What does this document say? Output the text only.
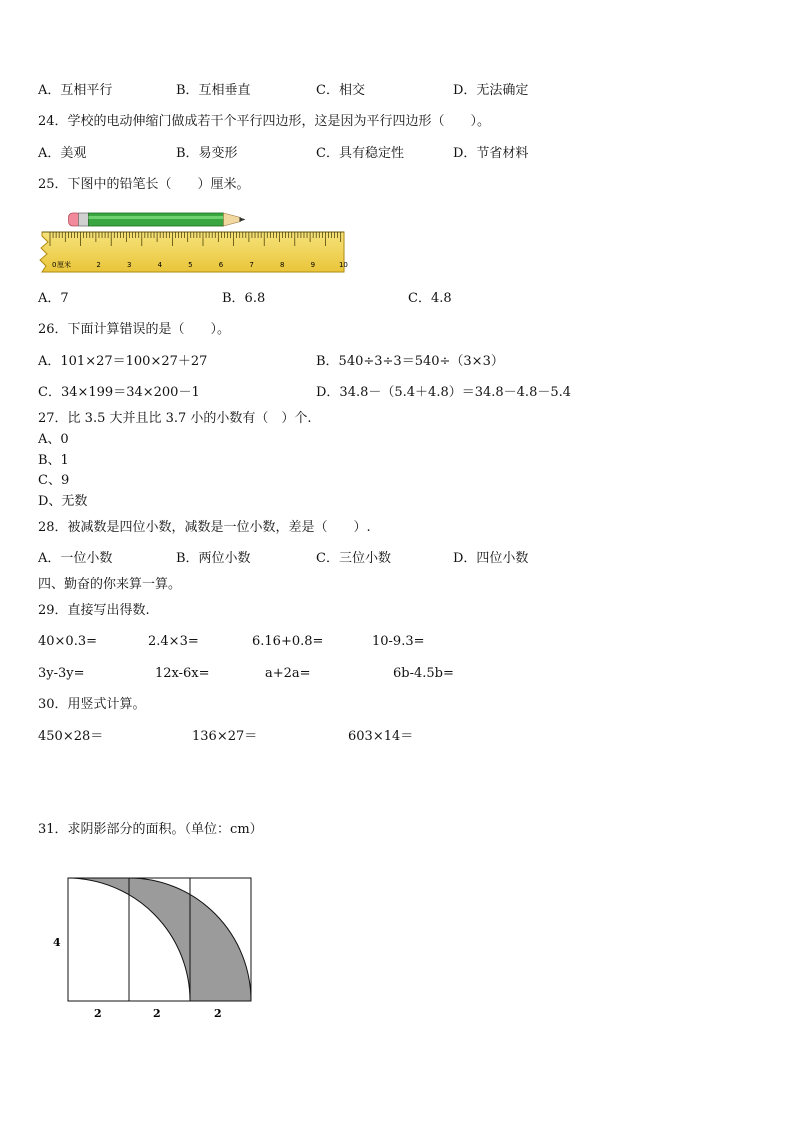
A．互相平行	B．互相垂直	C．相交	D．无法确定
24．学校的电动伸缩门做成若干个平行四边形，这是因为平行四边形（　　）。
A．美观	B．易变形	C．具有稳定性	D．节省材料
25．下图中的铅笔长（　　）厘米。
0 厘米	2	3	4	5	6	7	8	9	10
A．7	B．6.8	C．4.8
26．下面计算错误的是（　　）。
A．101×27＝100×27＋27	B．540÷3÷3＝540÷（3×3）
C．34×199＝34×200－1	D．34.8－（5.4＋4.8）＝34.8－4.8－5.4
27．比 3.5 大并且比 3.7 小的小数有（　）个.
A、0
B、1
C、9
D、无数
28．被减数是四位小数，减数是一位小数，差是（　　）.
A．一位小数	B．两位小数	C．三位小数	D．四位小数
四、勤奋的你来算一算。
29．直接写出得数.
40×0.3=	2.4×3=	6.16+0.8=	10-9.3=
3y-3y=	12x-6x=	a+2a=	6b-4.5b=
30．用竖式计算。
450×28＝	136×27＝	603×14＝
31．求阴影部分的面积。（单位：cm）
4
2	2	2
